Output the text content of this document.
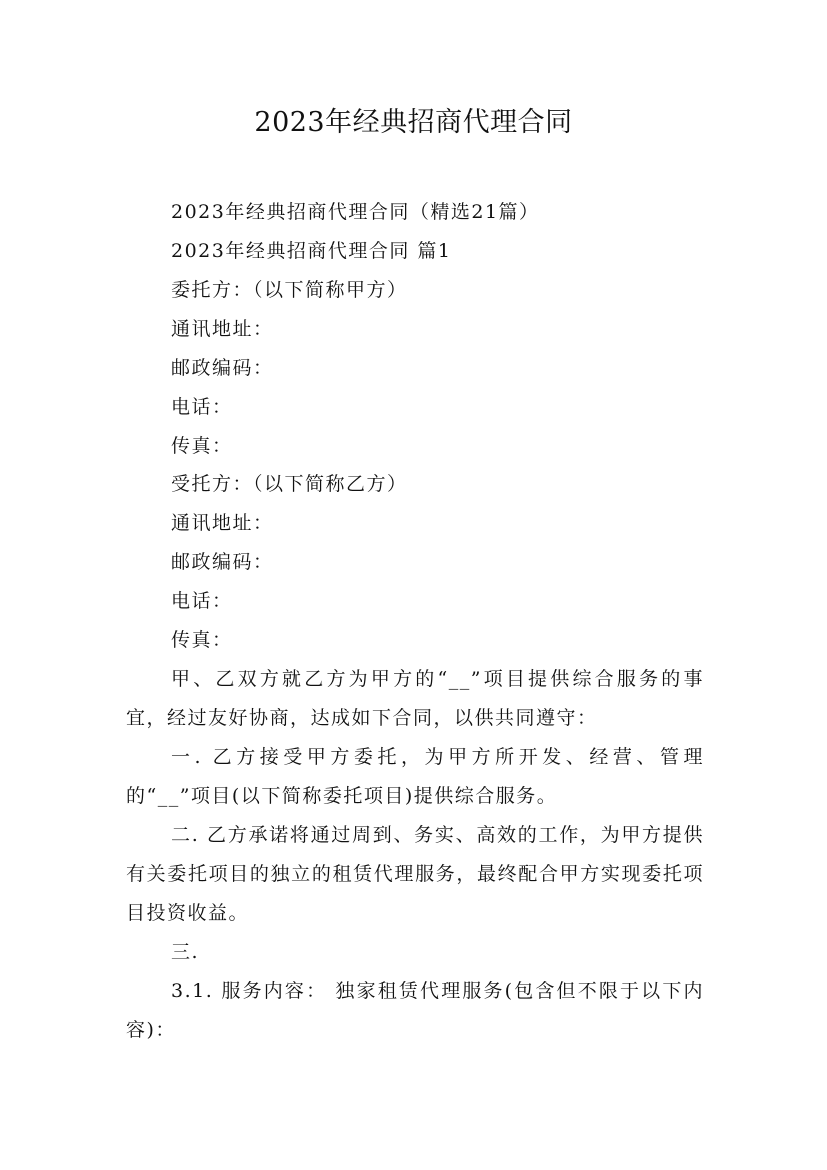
2023年经典招商代理合同
2023年经典招商代理合同（精选21篇）
2023年经典招商代理合同 篇1
委托方：（以下简称甲方）
通讯地址：
邮政编码：
电话：
传真：
受托方：（以下简称乙方）
通讯地址：
邮政编码：
电话：
传真：
甲、乙双方就乙方为甲方的“__”项目提供综合服务的事宜，经过友好协商，达成如下合同，以供共同遵守：
一. 乙方接受甲方委托，为甲方所开发、经营、管理的“__”项目(以下简称委托项目)提供综合服务。
二. 乙方承诺将通过周到、务实、高效的工作，为甲方提供有关委托项目的独立的租赁代理服务，最终配合甲方实现委托项目投资收益。
三.
3.1. 服务内容： 独家租赁代理服务(包含但不限于以下内容)：
